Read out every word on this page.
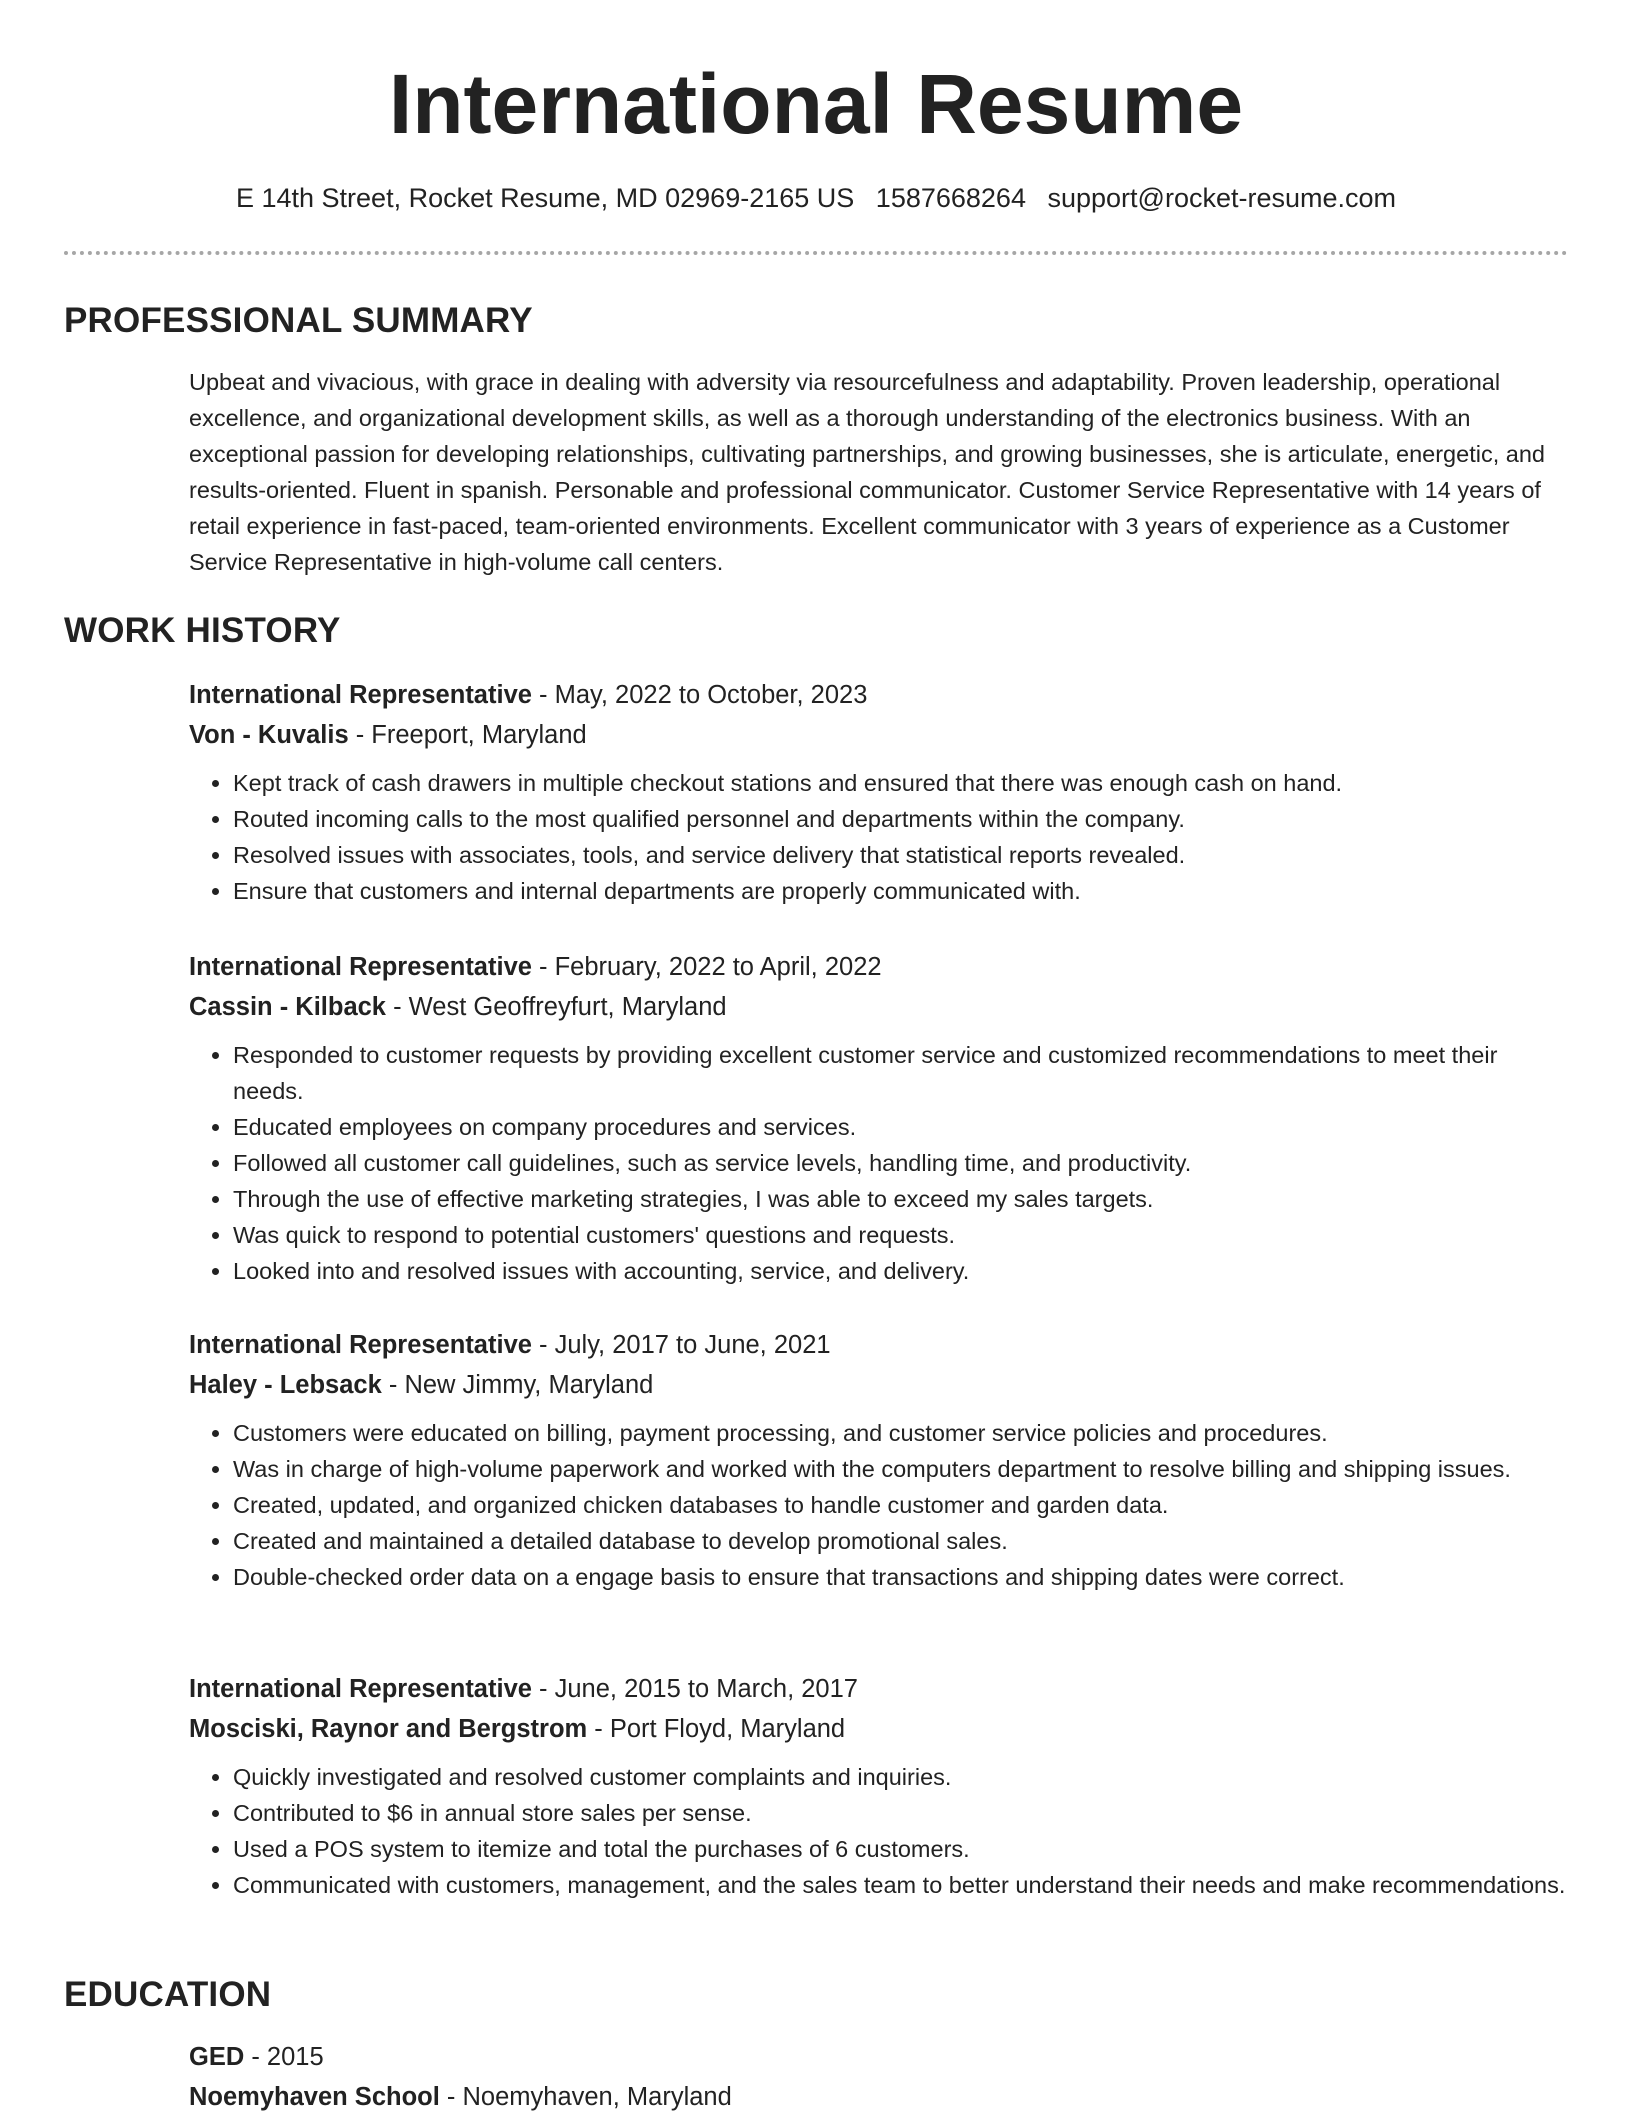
International Resume
E 14th Street, Rocket Resume, MD 02969-2165 US 1587668264 support@rocket-resume.com
PROFESSIONAL SUMMARY

Upbeat and vivacious, with grace in dealing with adversity via resourcefulness and adaptability. Proven leadership, operational excellence, and organizational development skills, as well as a thorough understanding of the electronics business. With an exceptional passion for developing relationships, cultivating partnerships, and growing businesses, she is articulate, energetic, and results-oriented. Fluent in spanish. Personable and professional communicator. Customer Service Representative with 14 years of retail experience in fast-paced, team-oriented environments. Excellent communicator with 3 years of experience as a Customer Service Representative in high-volume call centers.

WORK HISTORY
International Representative - May, 2022 to October, 2023
Von - Kuvalis - Freeport, Maryland
• Kept track of cash drawers in multiple checkout stations and ensured that there was enough cash on hand.
• Routed incoming calls to the most qualified personnel and departments within the company.
• Resolved issues with associates, tools, and service delivery that statistical reports revealed.
• Ensure that customers and internal departments are properly communicated with.
International Representative - February, 2022 to April, 2022
Cassin - Kilback - West Geoffreyfurt, Maryland
• Responded to customer requests by providing excellent customer service and customized recommendations to meet their needs.
• Educated employees on company procedures and services.
• Followed all customer call guidelines, such as service levels, handling time, and productivity.
• Through the use of effective marketing strategies, I was able to exceed my sales targets.
• Was quick to respond to potential customers' questions and requests.
• Looked into and resolved issues with accounting, service, and delivery.
International Representative - July, 2017 to June, 2021
Haley - Lebsack - New Jimmy, Maryland
• Customers were educated on billing, payment processing, and customer service policies and procedures.
• Was in charge of high-volume paperwork and worked with the computers department to resolve billing and shipping issues.
• Created, updated, and organized chicken databases to handle customer and garden data.
• Created and maintained a detailed database to develop promotional sales.
• Double-checked order data on a engage basis to ensure that transactions and shipping dates were correct.
International Representative - June, 2015 to March, 2017
Mosciski, Raynor and Bergstrom - Port Floyd, Maryland
• Quickly investigated and resolved customer complaints and inquiries.
• Contributed to $6 in annual store sales per sense.
• Used a POS system to itemize and total the purchases of 6 customers.
• Communicated with customers, management, and the sales team to better understand their needs and make recommendations.
EDUCATION
GED - 2015
Noemyhaven School - Noemyhaven, Maryland
